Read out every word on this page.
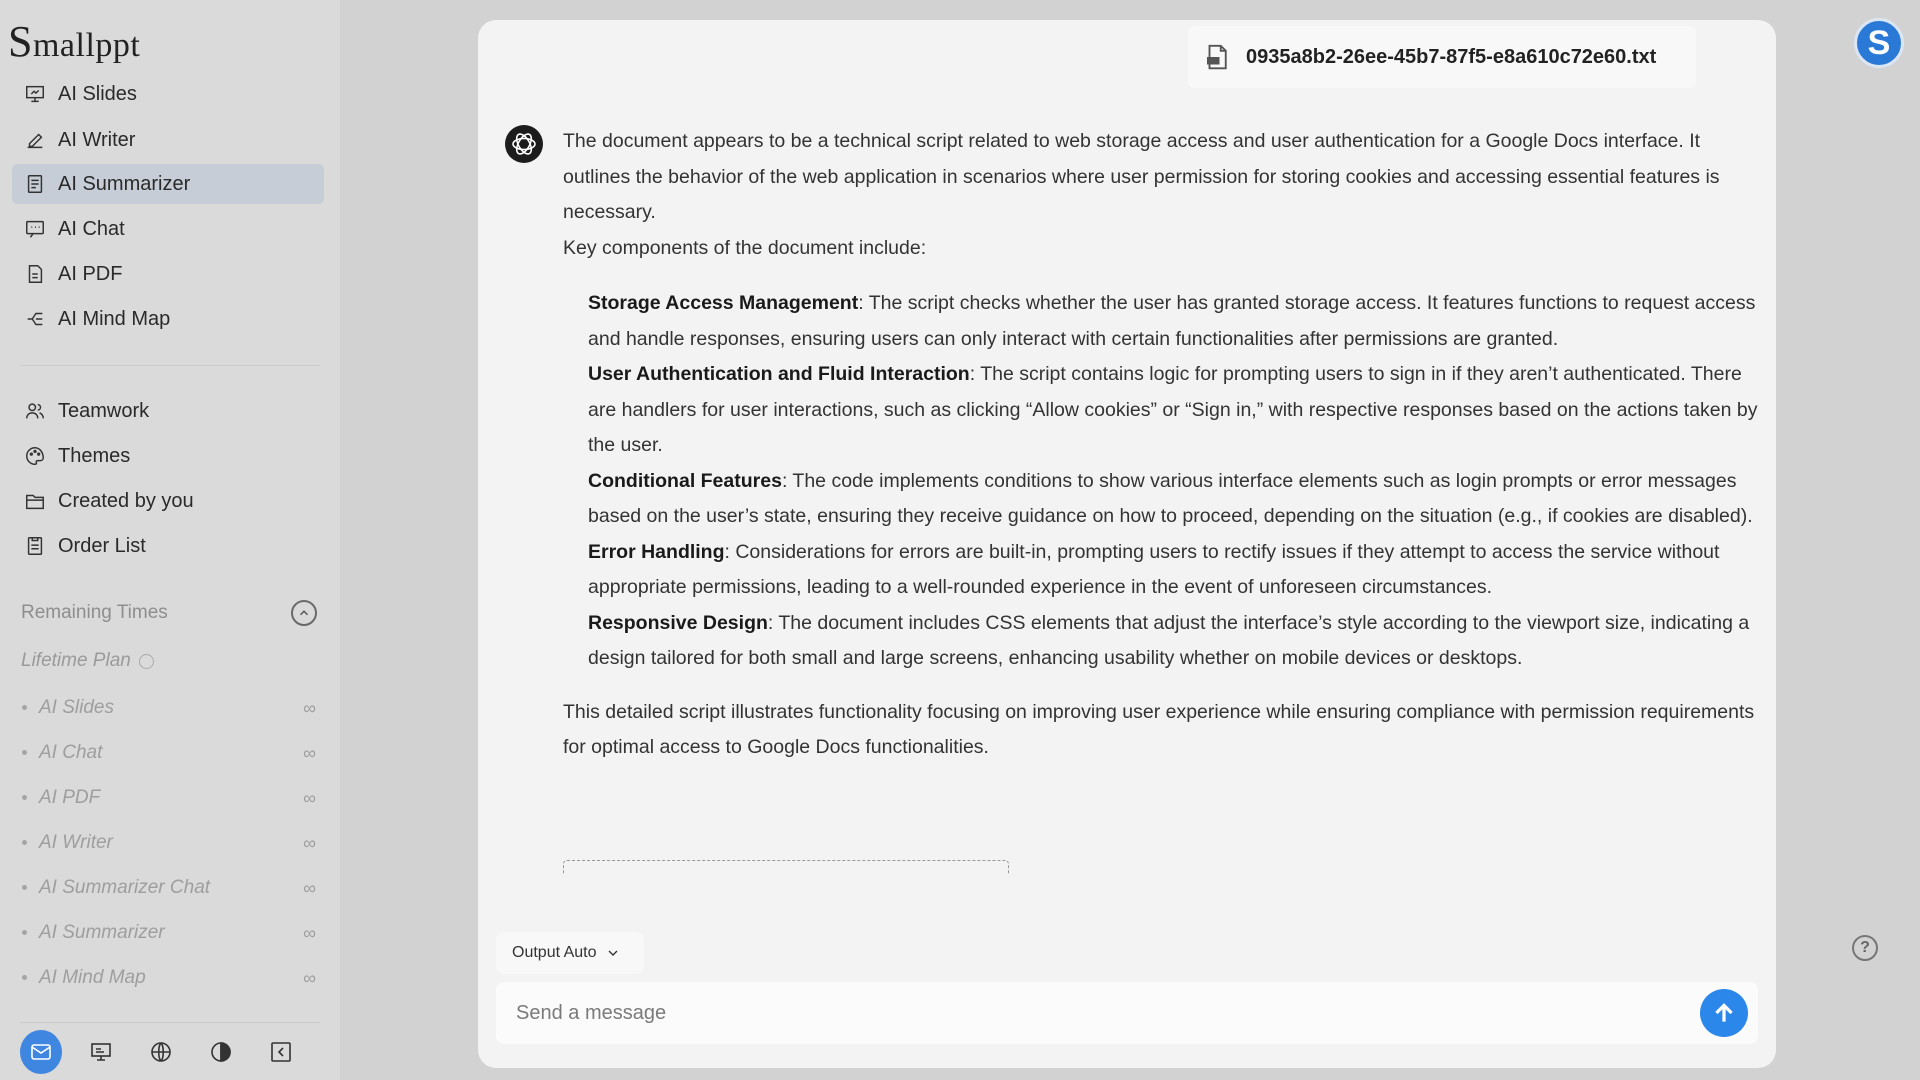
Smallppt
AI Slides
AI Writer
AI Summarizer
AI Chat
AI PDF
AI Mind Map
Teamwork
Themes
Created by you
Order List
Remaining Times
Lifetime Plan
AI Slides	∞
AI Chat	∞
AI PDF	∞
AI Writer	∞
AI Summarizer Chat	∞
AI Summarizer	∞
AI Mind Map	∞
0935a8b2-26ee-45b7-87f5-e8a610c72e60.txt

The document appears to be a technical script related to web storage access and user authentication for a Google Docs interface. It outlines the behavior of the web application in scenarios where user permission for storing cookies and accessing essential features is necessary.

Key components of the document include:

Storage Access Management: The script checks whether the user has granted storage access. It features functions to request access and handle responses, ensuring users can only interact with certain functionalities after permissions are granted.
User Authentication and Fluid Interaction: The script contains logic for prompting users to sign in if they aren’t authenticated. There are handlers for user interactions, such as clicking “Allow cookies” or “Sign in,” with respective responses based on the actions taken by the user.
Conditional Features: The code implements conditions to show various interface elements such as login prompts or error messages based on the user’s state, ensuring they receive guidance on how to proceed, depending on the situation (e.g., if cookies are disabled).
Error Handling: Considerations for errors are built-in, prompting users to rectify issues if they attempt to access the service without appropriate permissions, leading to a well-rounded experience in the event of unforeseen circumstances.
Responsive Design: The document includes CSS elements that adjust the interface’s style according to the viewport size, indicating a design tailored for both small and large screens, enhancing usability whether on mobile devices or desktops.

This detailed script illustrates functionality focusing on improving user experience while ensuring compliance with permission requirements for optimal access to Google Docs functionalities.

Output Auto
Send a message
S
?
